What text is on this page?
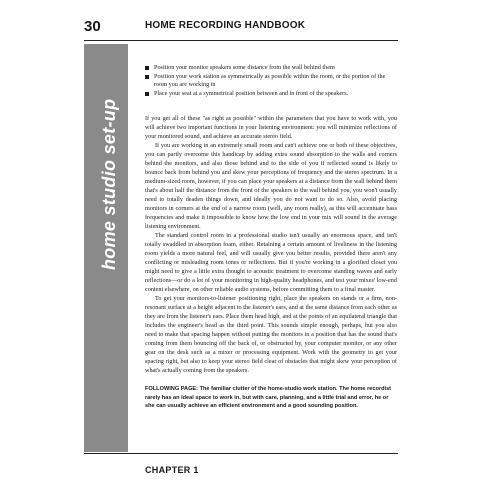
30	HOME RECORDING HANDBOOK
home studio set-up
Position your monitor speakers some distance from the wall behind them
Position your work station as symmetrically as possible within the room, or the portion of the room you are working in
Place your seat at a symmetrical position between and in front of the speakers.

If you get all of these "as right as possible" within the parameters that you have to work with, you will achieve two important functions in your listening environment: you will minimize reflections of your monitored sound, and achieve an accurate stereo field.

If you are working in an extremely small room and can't achieve one or both of these objectives, you can partly overcome this handicap by adding extra sound absorption to the walls and corners behind the monitors, and also those behind and to the side of you if reflected sound is likely to bounce back from behind you and skew your perceptions of frequency and the stereo spectrum. In a medium-sized room, however, if you can place your speakers at a distance from the wall behind them that's about half the distance from the front of the speakers to the wall behind you, you won't usually need to totally deaden things down, and ideally you do not want to do so. Also, avoid placing monitors in corners at the end of a narrow room (well, any room really), as this will accentuate bass frequencies and make it impossible to know how the low end in your mix will sound in the average listening environment.

The standard control room in a professional studio isn't usually an enormous space, and isn't totally swaddled in absorption foam, either. Retaining a certain amount of liveliness in the listening room yields a more natural feel, and will usually give you better results, provided there aren't any conflicting or misleading room tones or reflections. But if you're working in a glorified closet you might need to give a little extra thought to acoustic treatment to overcome standing waves and early reflections—or do a lot of your monitoring in high-quality headphones, and test your mixes' low-end content elsewhere, on other reliable audio systems, before committing them to a final master.

To get your monitors-to-listener positioning right, place the speakers on stands or a firm, non-resonant surface at a height adjacent to the listener's ears, and at the same distance from each other as they are from the listener's ears. Place them head high, and at the points of an equilateral triangle that includes the engineer's head as the third point. This sounds simple enough, perhaps, but you also need to make that spacing happen without putting the monitors in a position that has the sound that's coming from them bouncing off the back of, or obstructed by, your computer monitor, or any other gear on the desk such as a mixer or processing equipment. Work with the geometry to get your spacing right, but also to keep your stereo field clear of obstacles that might skew your perception of what's actually coming from the speakers.

FOLLOWING PAGE: The familiar clutter of the home-studio work station. The home recordist rarely has an ideal space to work in, but with care, planning, and a little trial and error, he or she can usually achieve an efficient environment and a good sounding position.

CHAPTER 1
